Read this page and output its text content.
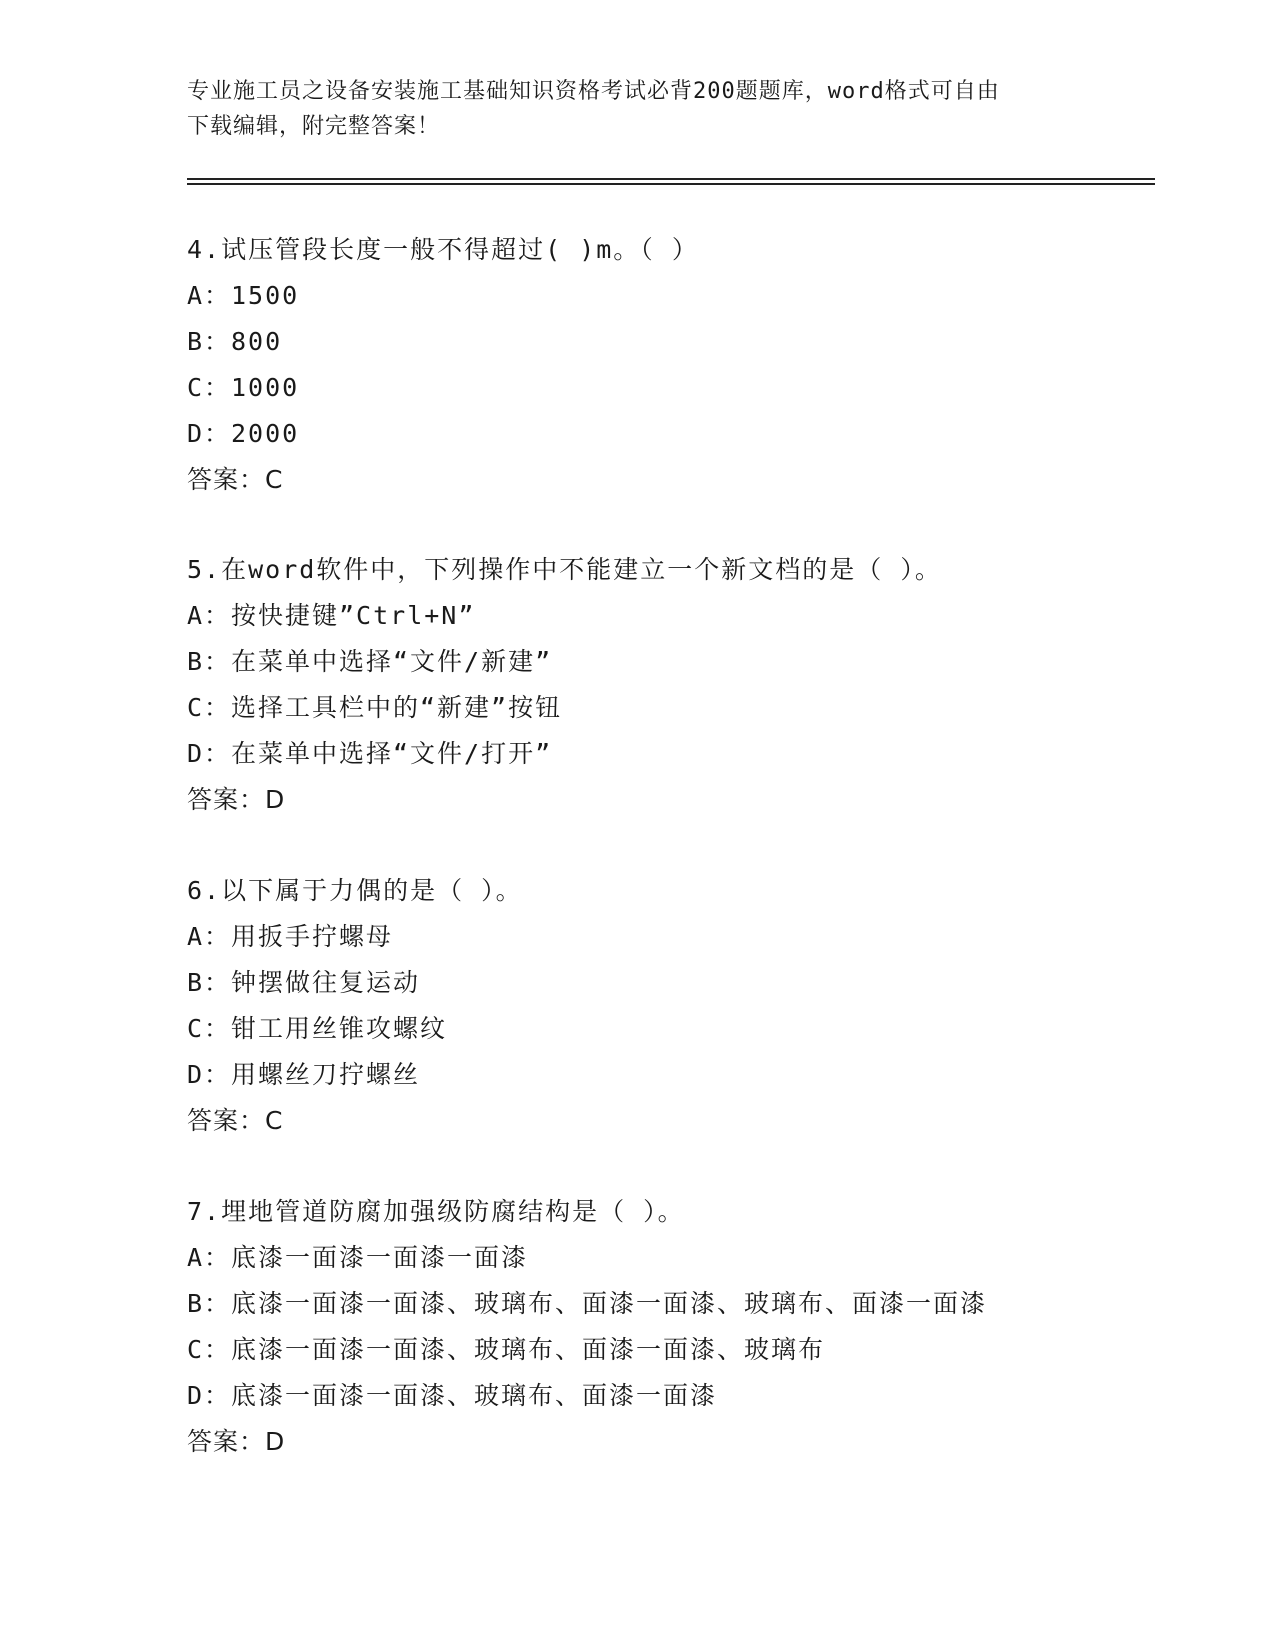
专业施工员之设备安装施工基础知识资格考试必背200题题库，word格式可自由
下载编辑，附完整答案！
4.试压管段长度一般不得超过( )m。（ ）
A：1500
B：800
C：1000
D：2000
答案：C
5.在word软件中，下列操作中不能建立一个新文档的是（ ）。
A：按快捷键”Ctrl+N”
B：在菜单中选择“文件/新建”
C：选择工具栏中的“新建”按钮
D：在菜单中选择“文件/打开”
答案：D
6.以下属于力偶的是（ ）。
A：用扳手拧螺母
B：钟摆做往复运动
C：钳工用丝锥攻螺纹
D：用螺丝刀拧螺丝
答案：C
7.埋地管道防腐加强级防腐结构是（ ）。
A：底漆一面漆一面漆一面漆
B：底漆一面漆一面漆、玻璃布、面漆一面漆、玻璃布、面漆一面漆
C：底漆一面漆一面漆、玻璃布、面漆一面漆、玻璃布
D：底漆一面漆一面漆、玻璃布、面漆一面漆
答案：D
